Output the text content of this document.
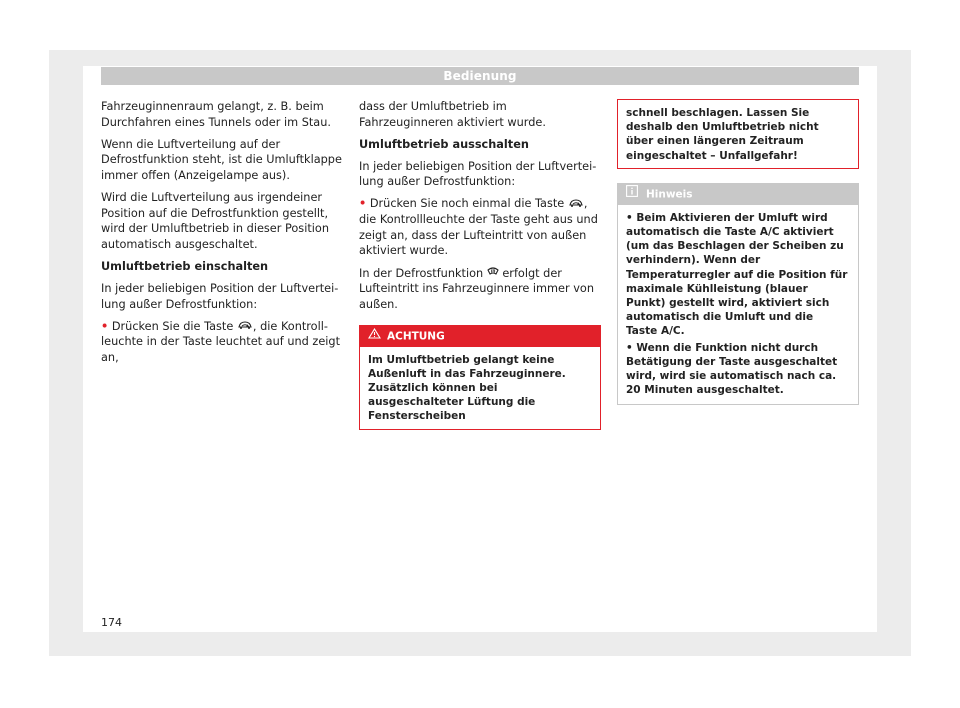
Bedienung

Fahrzeuginnenraum gelangt, z. B. beim Durchfahren eines Tunnels oder im Stau.

Wenn die Luftverteilung auf der Defrostfunktion steht, ist die Umluftklappe immer offen (Anzeigelampe aus).

Wird die Luftverteilung aus irgendeiner Position auf die Defrostfunktion gestellt, wird der Umluftbetrieb in dieser Position automatisch ausgeschaltet.

Umluftbetrieb einschalten

In jeder beliebigen Position der Luftverteilung außer Defrostfunktion:

• Drücken Sie die Taste , die Kontrollleuchte in der Taste leuchtet auf und zeigt an,

dass der Umluftbetrieb im Fahrzeuginneren aktiviert wurde.

Umluftbetrieb ausschalten

In jeder beliebigen Position der Luftverteilung außer Defrostfunktion:

• Drücken Sie noch einmal die Taste , die Kontrollleuchte der Taste geht aus und zeigt an, dass der Lufteintritt von außen aktiviert wurde.

In der Defrostfunktion  erfolgt der Lufteintritt ins Fahrzeuginnere immer von außen.

ACHTUNG
Im Umluftbetrieb gelangt keine Außenluft in das Fahrzeuginnere. Zusätzlich können bei ausgeschalteter Lüftung die Fensterscheiben
schnell beschlagen. Lassen Sie deshalb den Umluftbetrieb nicht über einen längeren Zeitraum eingeschaltet – Unfallgefahr!
Hinweis

• Beim Aktivieren der Umluft wird automatisch die Taste A/C aktiviert (um das Beschlagen der Scheiben zu verhindern). Wenn der Temperaturregler auf die Position für maximale Kühlleistung (blauer Punkt) gestellt wird, aktiviert sich automatisch die Umluft und die Taste A/C.

• Wenn die Funktion nicht durch Betätigung der Taste ausgeschaltet wird, wird sie automatisch nach ca. 20 Minuten ausgeschaltet.

174
